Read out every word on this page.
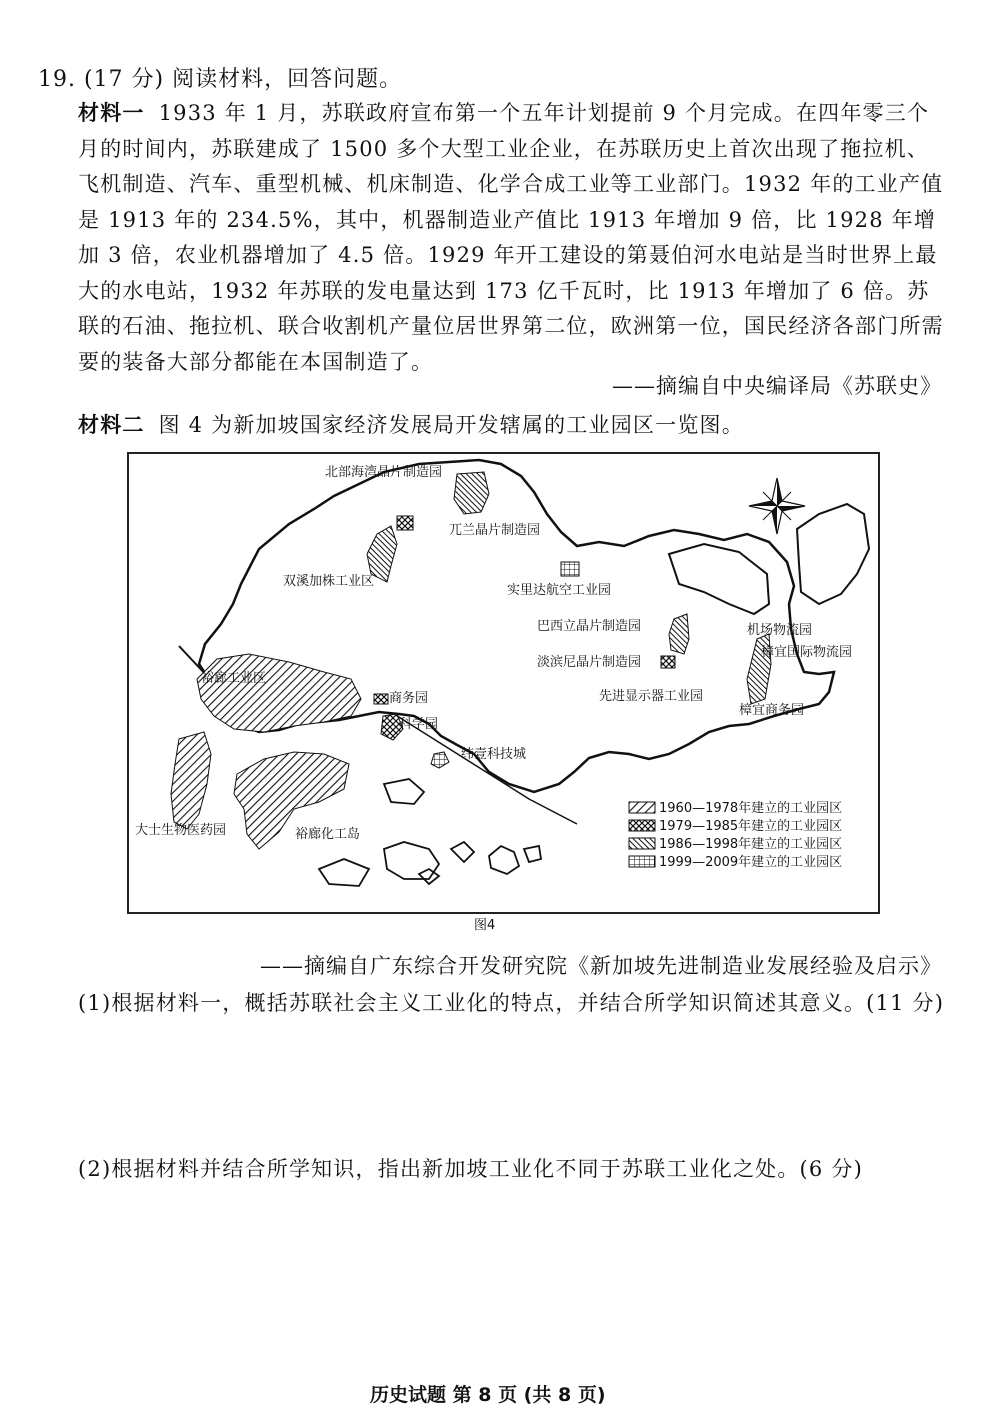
19. (17 分) 阅读材料，回答问题。
材料一 1933 年 1 月，苏联政府宣布第一个五年计划提前 9 个月完成。在四年零三个月的时间内，苏联建成了 1500 多个大型工业企业，在苏联历史上首次出现了拖拉机、飞机制造、汽车、重型机械、机床制造、化学合成工业等工业部门。1932 年的工业产值是 1913 年的 234.5%，其中，机器制造业产值比 1913 年增加 9 倍，比 1928 年增加 3 倍，农业机器增加了 4.5 倍。1929 年开工建设的第聂伯河水电站是当时世界上最大的水电站，1932 年苏联的发电量达到 173 亿千瓦时，比 1913 年增加了 6 倍。苏联的石油、拖拉机、联合收割机产量位居世界第二位，欧洲第一位，国民经济各部门所需要的装备大部分都能在本国制造了。
——摘编自中央编译局《苏联史》
材料二 图 4 为新加坡国家经济发展局开发辖属的工业园区一览图。
北部海湾晶片制造园
兀兰晶片制造园
双溪加株工业区
实里达航空工业园
巴西立晶片制造园
淡滨尼晶片制造园
先进显示器工业园
机场物流园
樟宜国际物流园
樟宜商务园
裕廊工业区
商务园
科学园
纬壹科技城
大士生物医药园	裕廊化工岛
1960—1978年建立的工业园区
1979—1985年建立的工业园区
1986—1998年建立的工业园区
1999—2009年建立的工业园区
图4
——摘编自广东综合开发研究院《新加坡先进制造业发展经验及启示》
(1)根据材料一，概括苏联社会主义工业化的特点，并结合所学知识简述其意义。(11 分)
(2)根据材料并结合所学知识，指出新加坡工业化不同于苏联工业化之处。(6 分)
历史试题 第 8 页 (共 8 页)
